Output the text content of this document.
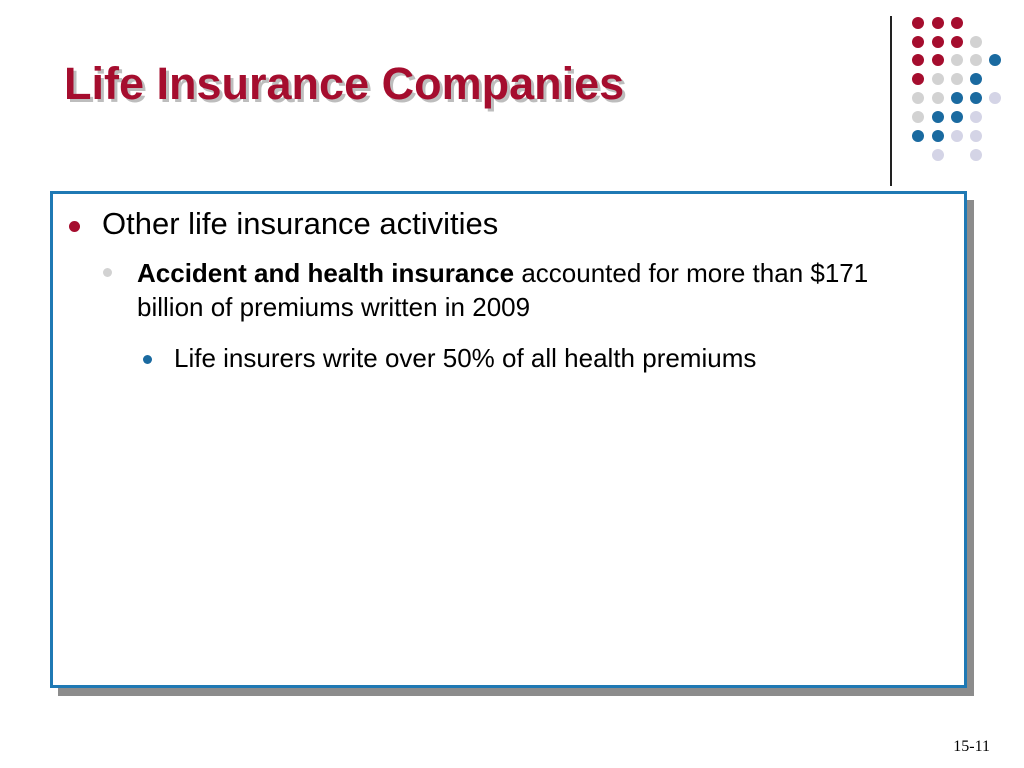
Life Insurance Companies
Other life insurance activities
Accident and health insurance accounted for more than $171 billion of premiums written in 2009
Life insurers write over 50% of all health premiums
15-11
